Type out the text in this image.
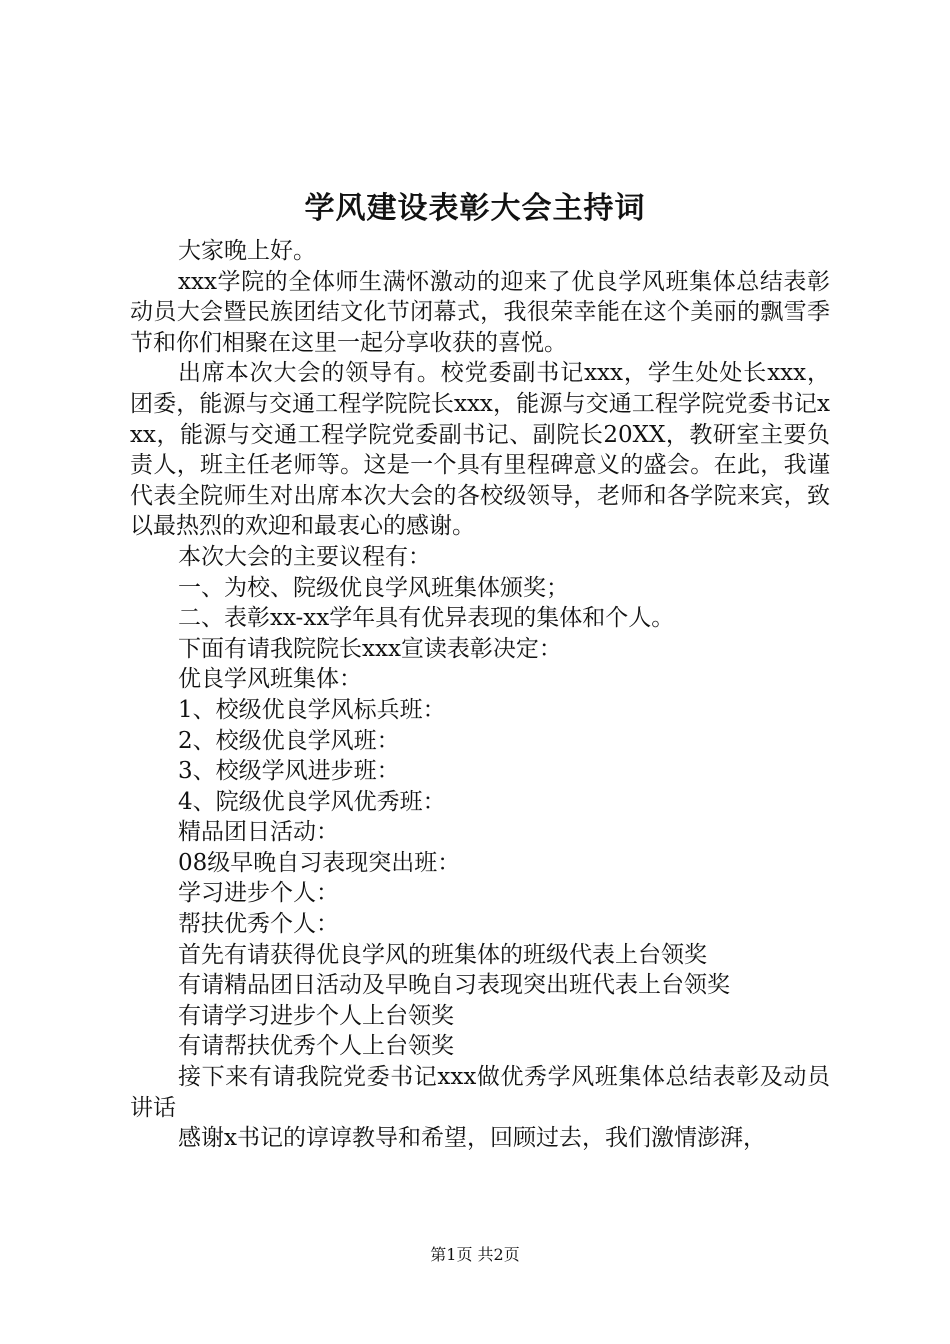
学风建设表彰大会主持词

大家晚上好。

xxx学院的全体师生满怀激动的迎来了优良学风班集体总结表彰动员大会暨民族团结文化节闭幕式，我很荣幸能在这个美丽的飘雪季节和你们相聚在这里一起分享收获的喜悦。

出席本次大会的领导有。校党委副书记xxx，学生处处长xxx，团委，能源与交通工程学院院长xxx，能源与交通工程学院党委书记xxx，能源与交通工程学院党委副书记、副院长20XX，教研室主要负责人，班主任老师等。这是一个具有里程碑意义的盛会。在此，我谨代表全院师生对出席本次大会的各校级领导，老师和各学院来宾，致以最热烈的欢迎和最衷心的感谢。

本次大会的主要议程有：

一、为校、院级优良学风班集体颁奖；

二、表彰xx-xx学年具有优异表现的集体和个人。

下面有请我院院长xxx宣读表彰决定：

优良学风班集体：

1、校级优良学风标兵班：

2、校级优良学风班：

3、校级学风进步班：

4、院级优良学风优秀班：

精品团日活动：

08级早晚自习表现突出班：

学习进步个人：

帮扶优秀个人：

首先有请获得优良学风的班集体的班级代表上台领奖

有请精品团日活动及早晚自习表现突出班代表上台领奖

有请学习进步个人上台领奖

有请帮扶优秀个人上台领奖

接下来有请我院党委书记xxx做优秀学风班集体总结表彰及动员讲话

感谢x书记的谆谆教导和希望，回顾过去，我们激情澎湃，

第1页 共2页
